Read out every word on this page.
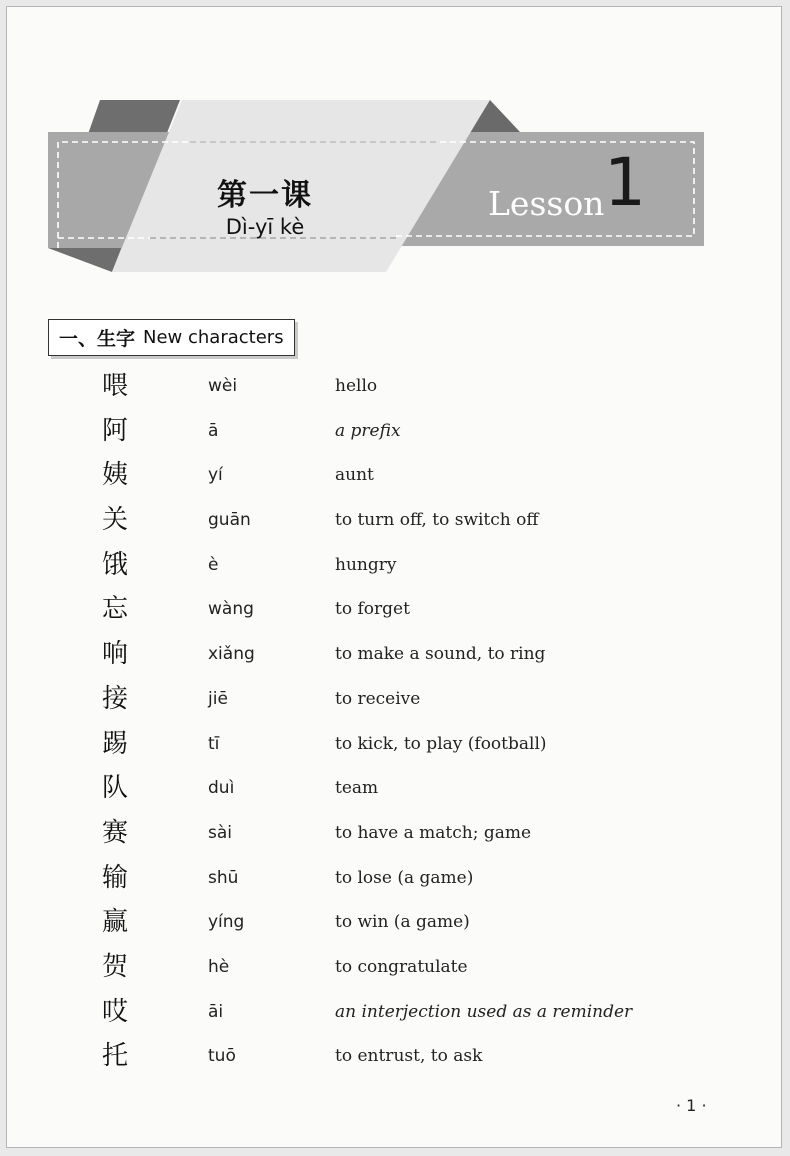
第一课
Dì-yī kè
Lesson 1
一、生字 New characters
喂	wèi	hello
阿	ā	a prefix
姨	yí	aunt
关	guān	to turn off, to switch off
饿	è	hungry
忘	wàng	to forget
响	xiǎng	to make a sound, to ring
接	jiē	to receive
踢	tī	to kick, to play (football)
队	duì	team
赛	sài	to have a match; game
输	shū	to lose (a game)
赢	yíng	to win (a game)
贺	hè	to congratulate
哎	āi	an interjection used as a reminder
托	tuō	to entrust, to ask
· 1 ·
